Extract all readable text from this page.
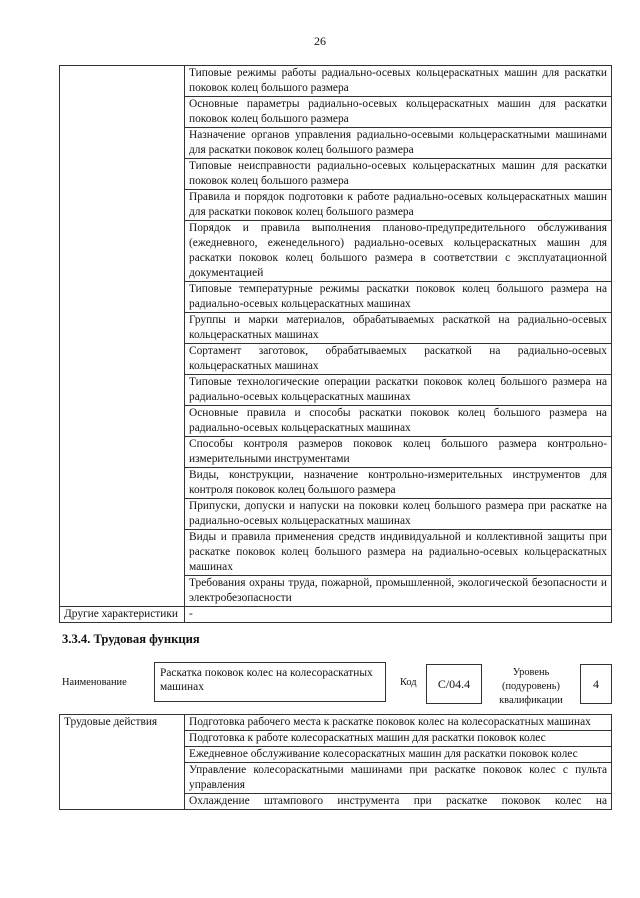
26
	Типовые режимы работы радиально-осевых кольцераскатных машин для раскатки поковок колец большого размера
	Основные параметры радиально-осевых кольцераскатных машин для раскатки поковок колец большого размера
	Назначение органов управления радиально-осевыми кольцераскатными машинами для раскатки поковок колец большого размера
	Типовые неисправности радиально-осевых кольцераскатных машин для раскатки поковок колец большого размера
	Правила и порядок подготовки к работе радиально-осевых кольцераскатных машин для раскатки поковок колец большого размера
	Порядок и правила выполнения планово-предупредительного обслуживания (ежедневного, еженедельного) радиально-осевых кольцераскатных машин для раскатки поковок колец большого размера в соответствии с эксплуатационной документацией
	Типовые температурные режимы раскатки поковок колец большого размера на радиально-осевых кольцераскатных машинах
	Группы и марки материалов, обрабатываемых раскаткой на радиально-осевых кольцераскатных машинах
	Сортамент заготовок, обрабатываемых раскаткой на радиально-осевых кольцераскатных машинах
	Типовые технологические операции раскатки поковок колец большого размера на радиально-осевых кольцераскатных машинах
	Основные правила и способы раскатки поковок колец большого размера на радиально-осевых кольцераскатных машинах
	Способы контроля размеров поковок колец большого размера контрольно-измерительными инструментами
	Виды, конструкции, назначение контрольно-измерительных инструментов для контроля поковок колец большого размера
	Припуски, допуски и напуски на поковки колец большого размера при раскатке на радиально-осевых кольцераскатных машинах
	Виды и правила применения средств индивидуальной и коллективной защиты при раскатке поковок колец большого размера на радиально-осевых кольцераскатных машинах
	Требования охраны труда, пожарной, промышленной, экологической безопасности и электробезопасности
Другие характеристики	-
3.3.4. Трудовая функция
Наименование
Раскатка поковок колес на колесораскатных машинах	Код C/04.4
Уровень (подуровень) квалификации
4
Трудовые действия	Подготовка рабочего места к раскатке поковок колес на колесораскатных машинах
Подготовка к работе колесораскатных машин для раскатки поковок колес
Ежедневное обслуживание колесораскатных машин для раскатки поковок колес
Управление колесораскатными машинами при раскатке поковок колес с пульта управления
Охлаждение штампового инструмента при раскатке поковок колес на
